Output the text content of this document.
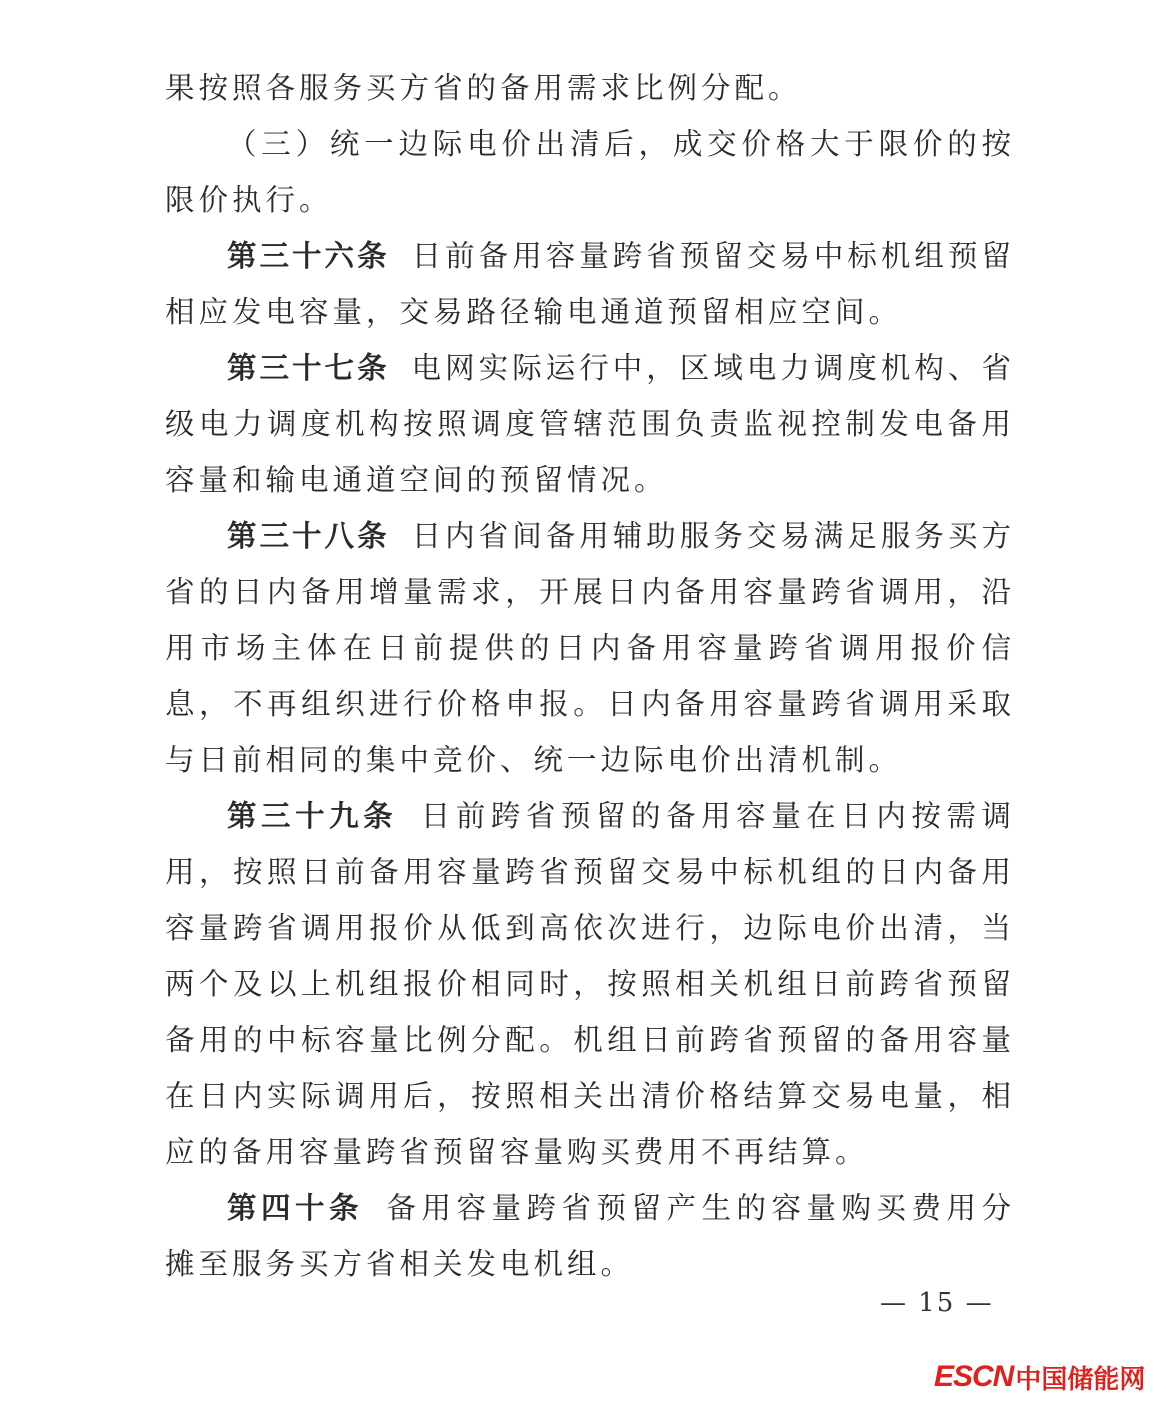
果按照各服务买方省的备用需求比例分配。

（三）统一边际电价出清后，成交价格大于限价的按限价执行。

第三十六条 日前备用容量跨省预留交易中标机组预留相应发电容量，交易路径输电通道预留相应空间。

第三十七条 电网实际运行中，区域电力调度机构、省级电力调度机构按照调度管辖范围负责监视控制发电备用容量和输电通道空间的预留情况。

第三十八条 日内省间备用辅助服务交易满足服务买方省的日内备用增量需求，开展日内备用容量跨省调用，沿用市场主体在日前提供的日内备用容量跨省调用报价信息，不再组织进行价格申报。日内备用容量跨省调用采取与日前相同的集中竞价、统一边际电价出清机制。

第三十九条 日前跨省预留的备用容量在日内按需调用，按照日前备用容量跨省预留交易中标机组的日内备用容量跨省调用报价从低到高依次进行，边际电价出清，当两个及以上机组报价相同时，按照相关机组日前跨省预留备用的中标容量比例分配。机组日前跨省预留的备用容量在日内实际调用后，按照相关出清价格结算交易电量，相应的备用容量跨省预留容量购买费用不再结算。

第四十条 备用容量跨省预留产生的容量购买费用分摊至服务买方省相关发电机组。

— 15 —
ESCN 中国储能网
